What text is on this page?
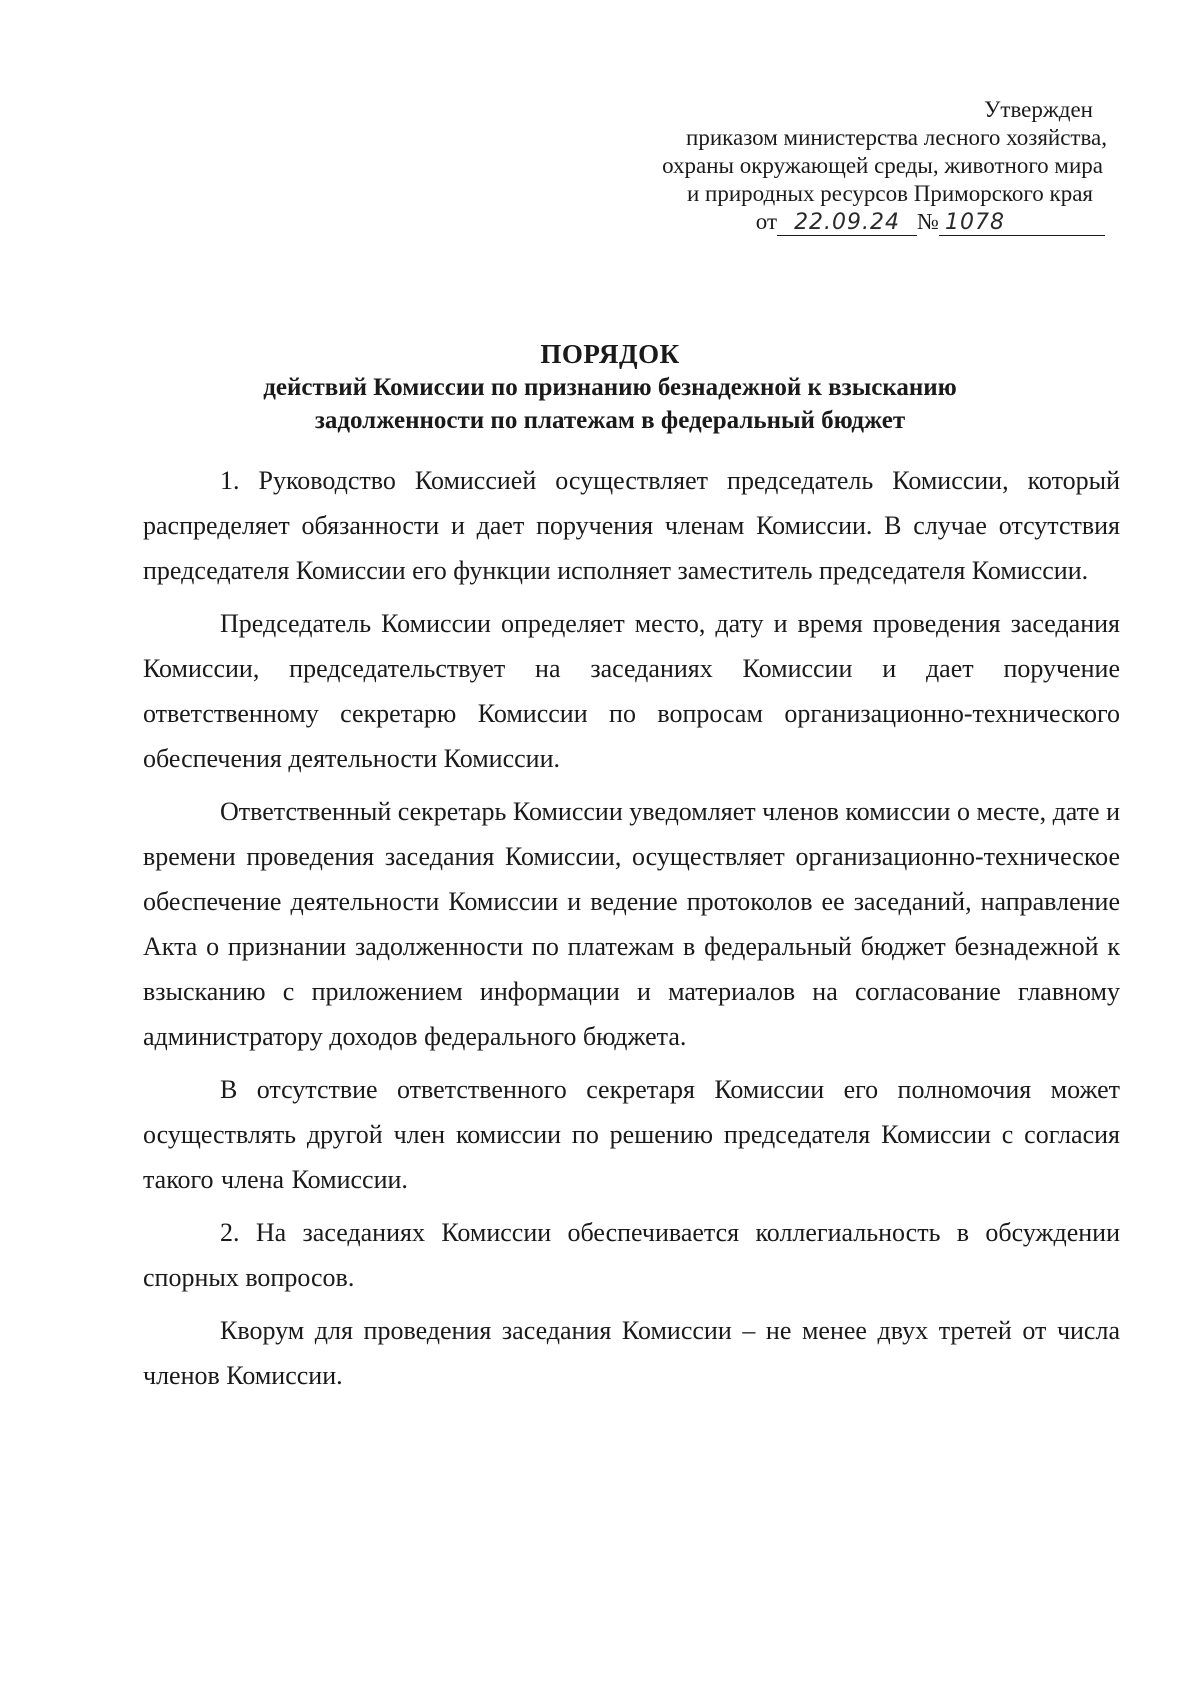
Утвержден
приказом министерства лесного хозяйства,
охраны окружающей среды, животного мира
и природных ресурсов Приморского края
от 22.09.24 № 1078
ПОРЯДОК
действий Комиссии по признанию безнадежной к взысканию
задолженности по платежам в федеральный бюджет

1. Руководство Комиссией осуществляет председатель Комиссии, который распределяет обязанности и дает поручения членам Комиссии. В случае отсутствия председателя Комиссии его функции исполняет заместитель председателя Комиссии.

Председатель Комиссии определяет место, дату и время проведения заседания Комиссии, председательствует на заседаниях Комиссии и дает поручение ответственному секретарю Комиссии по вопросам организационно-технического обеспечения деятельности Комиссии.

Ответственный секретарь Комиссии уведомляет членов комиссии о месте, дате и времени проведения заседания Комиссии, осуществляет организационно-техническое обеспечение деятельности Комиссии и ведение протоколов ее заседаний, направление Акта о признании задолженности по платежам в федеральный бюджет безнадежной к взысканию с приложением информации и материалов на согласование главному администратору доходов федерального бюджета.

В отсутствие ответственного секретаря Комиссии его полномочия может осуществлять другой член комиссии по решению председателя Комиссии с согласия такого члена Комиссии.

2. На заседаниях Комиссии обеспечивается коллегиальность в обсуждении спорных вопросов.

Кворум для проведения заседания Комиссии – не менее двух третей от числа членов Комиссии.
